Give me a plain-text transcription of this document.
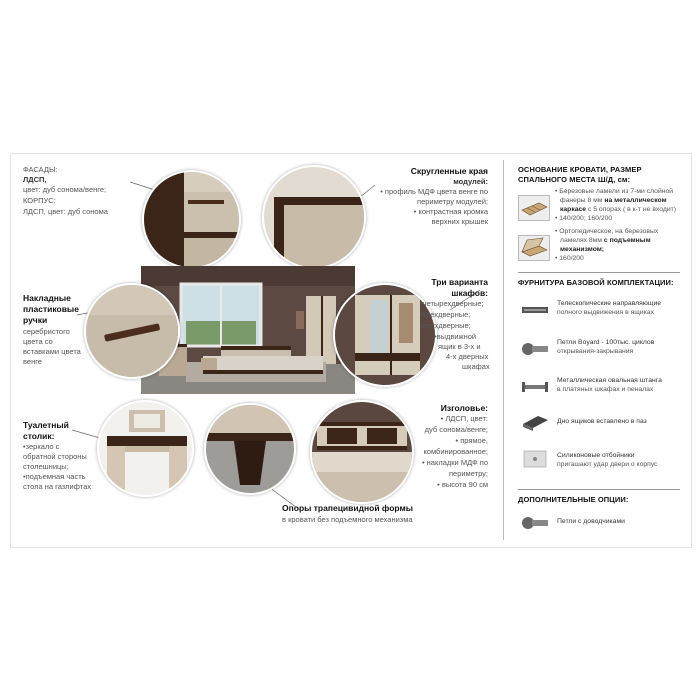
ФАСАДЫ:
ЛДСП,
цвет: дуб сонома/венге;
КОРПУС:
ЛДСП, цвет: дуб сонома
Накладные
пластиковые
ручки
серебристого
цвета со
вставками цвета
венге
Три варианта
шкафов:
•четырехдверные;
•трехдверные;
•двухдверные;
•выдвижной
ящик в 3-х и
4-х дверных
шкафах
Скругленные края
модулей:
• профиль МДФ цвета венге по
периметру модулей;
• контрастная кромка
верхних крышек
Туалетный
столик:
•зеркало с
обратной стороны
столешницы;
•подъемная часть
стола на газлифтах
Изголовье:
• ЛДСП, цвет:
дуб сонома/венге;
• прямое,
комбинированное;
• накладки МДФ по
периметру;
• высота 90 см
Опоры трапецивидной формы
в кровати без подъемного механизма
ОСНОВАНИЕ КРОВАТИ, РАЗМЕР
СПАЛЬНОГО МЕСТА Ш/Д, см:
• Березовые ламели из 7-ми слойной
фанеры 8 мм на металлическом
каркасе с 5 опорах ( в к-т не входит)
• 140/200; 160/200
• Ортопедическое, на березовых
ламелях 8мм с подъемным
механизмом;
• 160/200
ФУРНИТУРА БАЗОВОЙ КОМПЛЕКТАЦИИ:
Телескопические направляющие
полного выдвижения в ящиках
Петли Boyard - 100тыс. циклов
открывания-закрывания
Металлическая овальная штанга
в платяных шкафах и пеналах
Дно ящиков вставлено в паз
Силиконовые отбойники
пригашают удар двери о корпус
ДОПОЛНИТЕЛЬНЫЕ ОПЦИИ:
Петли с доводчиками
